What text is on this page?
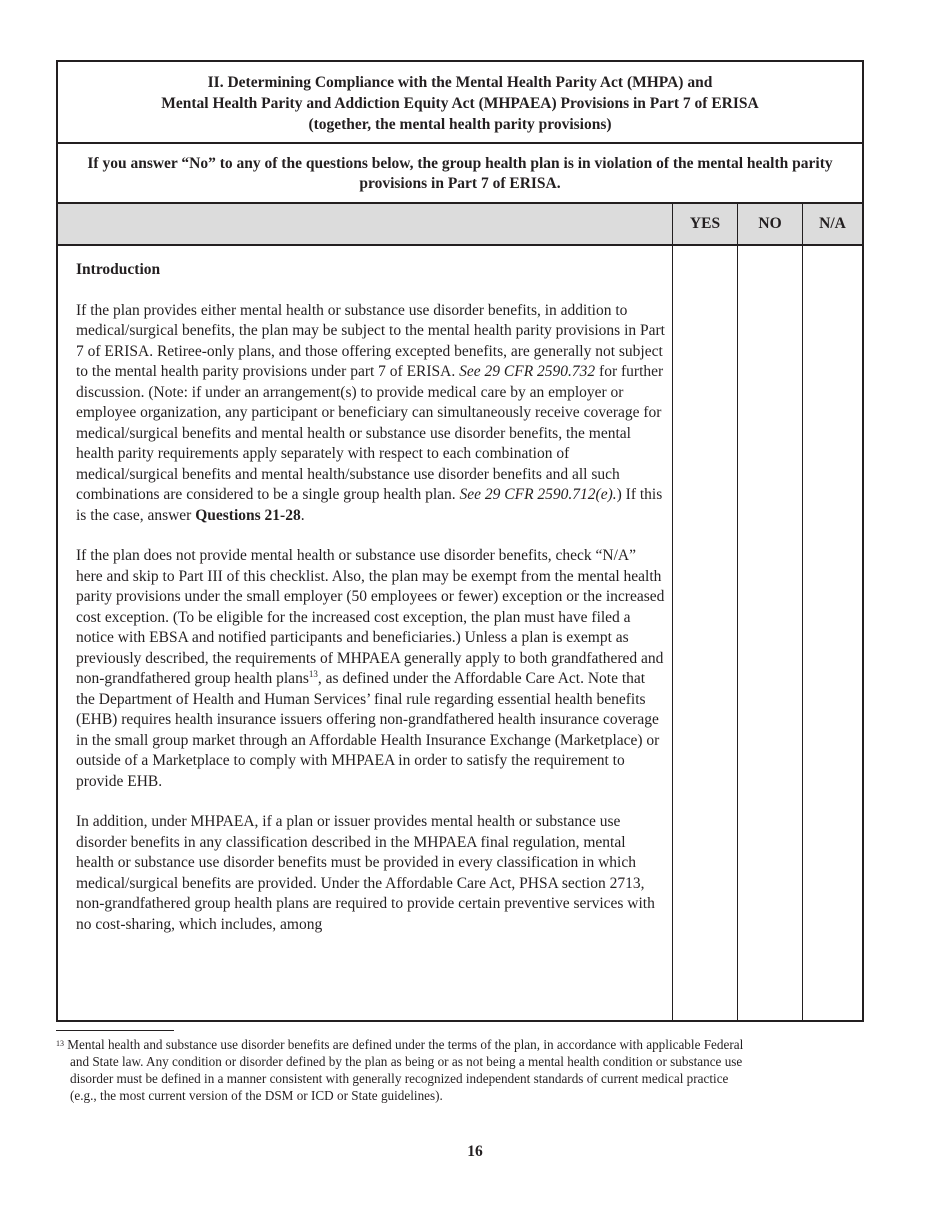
II. Determining Compliance with the Mental Health Parity Act (MHPA) and
Mental Health Parity and Addiction Equity Act (MHPAEA) Provisions in Part 7 of ERISA
(together, the mental health parity provisions)
If you answer “No” to any of the questions below, the group health plan is in violation of the mental health parity provisions in Part 7 of ERISA.
YES	NO	N/A
Introduction

If the plan provides either mental health or substance use disorder benefits, in addition to medical/surgical benefits, the plan may be subject to the mental health parity provisions in Part 7 of ERISA. Retiree-only plans, and those offering excepted benefits, are generally not subject to the mental health parity provisions under part 7 of ERISA. See 29 CFR 2590.732 for further discussion. (Note: if under an arrangement(s) to provide medical care by an employer or employee organization, any participant or beneficiary can simultaneously receive coverage for medical/surgical benefits and mental health or substance use disorder benefits, the mental health parity requirements apply separately with respect to each combination of medical/surgical benefits and mental health/substance use disorder benefits and all such combinations are considered to be a single group health plan. See 29 CFR 2590.712(e).) If this is the case, answer Questions 21-28.

If the plan does not provide mental health or substance use disorder benefits, check “N/A” here and skip to Part III of this checklist. Also, the plan may be exempt from the mental health parity provisions under the small employer (50 employees or fewer) exception or the increased cost exception. (To be eligible for the increased cost exception, the plan must have filed a notice with EBSA and notified participants and beneficiaries.) Unless a plan is exempt as previously described, the requirements of MHPAEA generally apply to both grandfathered and non-grandfathered group health plans$^{13}$, as defined under the Affordable Care Act. Note that the Department of Health and Human Services’ final rule regarding essential health benefits (EHB) requires health insurance issuers offering non-grandfathered health insurance coverage in the small group market through an Affordable Health Insurance Exchange (Marketplace) or outside of a Marketplace to comply with MHPAEA in order to satisfy the requirement to provide EHB.

In addition, under MHPAEA, if a plan or issuer provides mental health or substance use disorder benefits in any classification described in the MHPAEA final regulation, mental health or substance use disorder benefits must be provided in every classification in which medical/surgical benefits are provided. Under the Affordable Care Act, PHSA section 2713, non-grandfathered group health plans are required to provide certain preventive services with no cost-sharing, which includes, among

$^{13}$ Mental health and substance use disorder benefits are defined under the terms of the plan, in accordance with applicable Federal and State law. Any condition or disorder defined by the plan as being or as not being a mental health condition or substance use disorder must be defined in a manner consistent with generally recognized independent standards of current medical practice (e.g., the most current version of the DSM or ICD or State guidelines).
16
